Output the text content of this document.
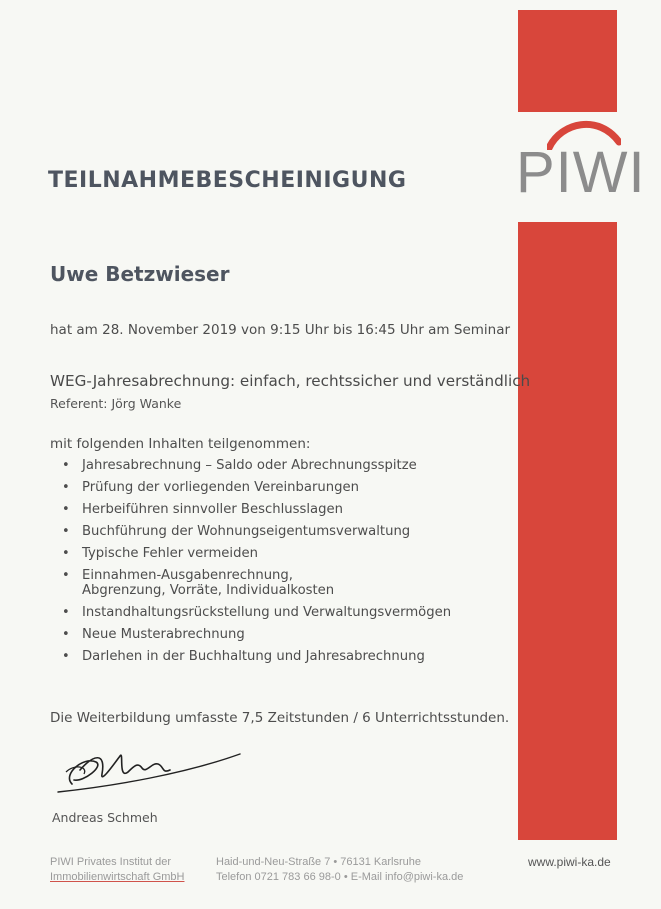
PIWI
TEILNAHMEBESCHEINIGUNG
Uwe Betzwieser
hat am 28. November 2019 von 9:15 Uhr bis 16:45 Uhr am Seminar
WEG-Jahresabrechnung: einfach, rechtssicher und verständlich
Referent: Jörg Wanke
mit folgenden Inhalten teilgenommen:
• Jahresabrechnung – Saldo oder Abrechnungsspitze
• Prüfung der vorliegenden Vereinbarungen
• Herbeiführen sinnvoller Beschlusslagen
• Buchführung der Wohnungseigentumsverwaltung
• Typische Fehler vermeiden
• Einnahmen-Ausgabenrechnung,
Abgrenzung, Vorräte, Individualkosten
• Instandhaltungsrückstellung und Verwaltungsvermögen
• Neue Musterabrechnung
• Darlehen in der Buchhaltung und Jahresabrechnung
Die Weiterbildung umfasste 7,5 Zeitstunden / 6 Unterrichtsstunden.
Andreas Schmeh
PIWI Privates Institut der
Immobilienwirtschaft GmbH
Haid-und-Neu-Straße 7 • 76131 Karlsruhe
Telefon 0721 783 66 98-0 • E-Mail info@piwi-ka.de
www.piwi-ka.de
